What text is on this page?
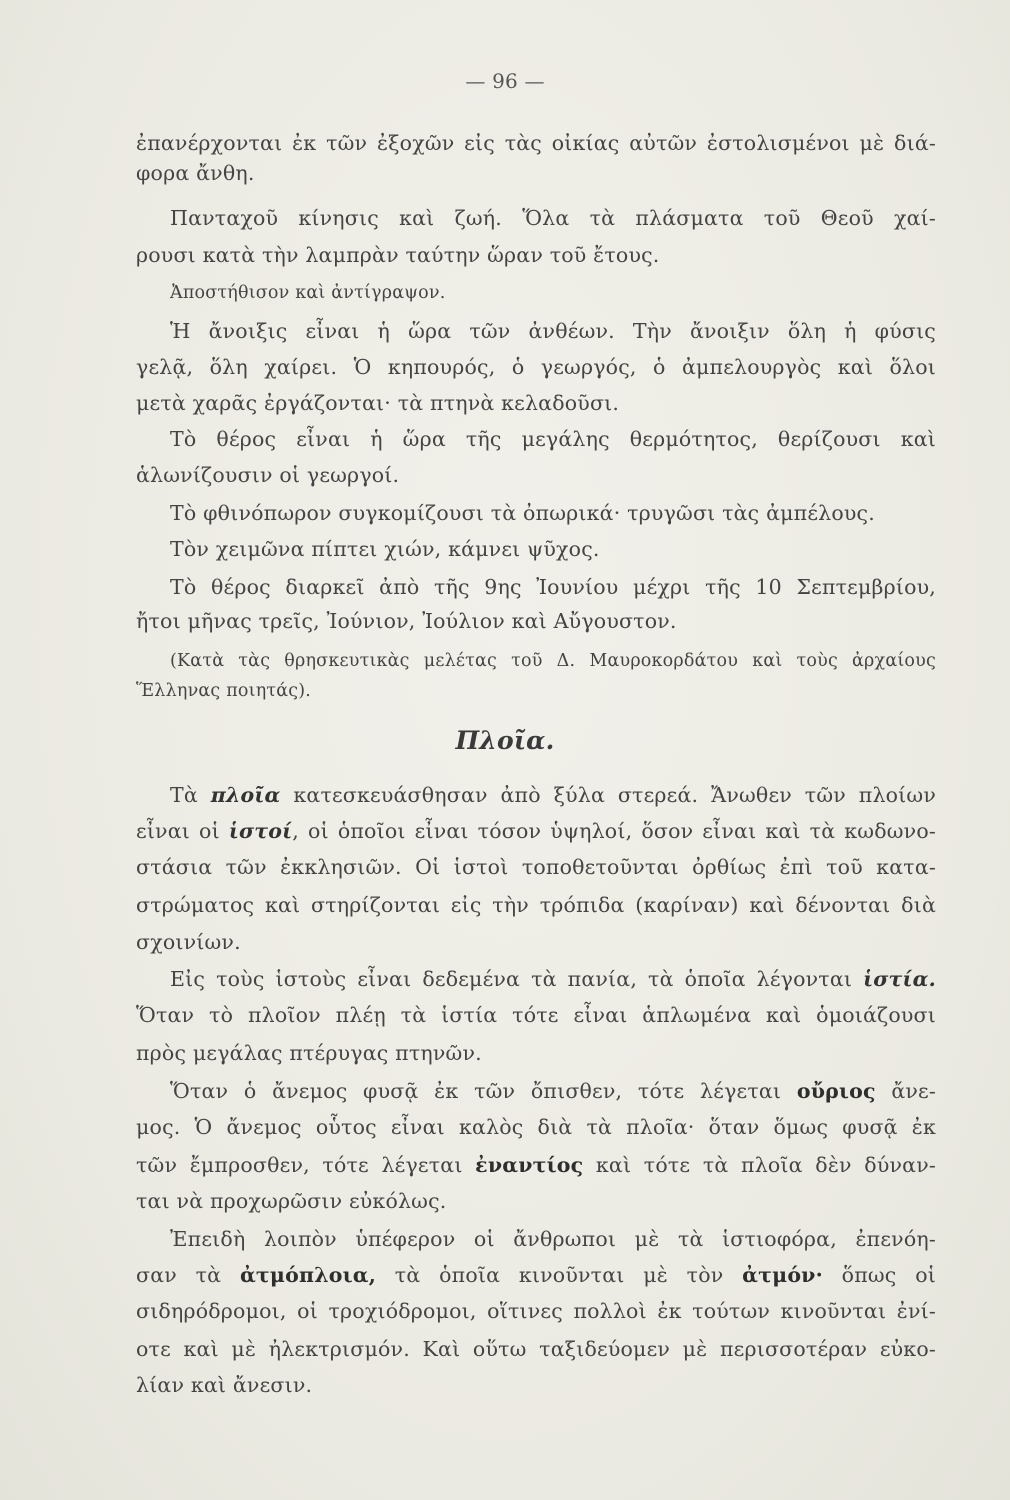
— 96 —
ἐπανέρχονται ἐκ τῶν ἐξοχῶν εἰς τὰς οἰκίας αὐτῶν ἐστολισμένοι μὲ διά-
φορα ἄνθη.
Πανταχοῦ κίνησις καὶ ζωή. Ὅλα τὰ πλάσματα τοῦ Θεοῦ χαί-
ρουσι κατὰ τὴν λαμπρὰν ταύτην ὥραν τοῦ ἔτους.
Ἀποστήθισον καὶ ἀντίγραψον.
Ἡ ἄνοιξις εἶναι ἡ ὥρα τῶν ἀνθέων. Τὴν ἄνοιξιν ὅλη ἡ φύσις
γελᾷ, ὅλη χαίρει. Ὁ κηπουρός, ὁ γεωργός, ὁ ἀμπελουργὸς καὶ ὅλοι
μετὰ χαρᾶς ἐργάζονται· τὰ πτηνὰ κελαδοῦσι.
Τὸ θέρος εἶναι ἡ ὥρα τῆς μεγάλης θερμότητος, θερίζουσι καὶ
ἁλωνίζουσιν οἱ γεωργοί.
Τὸ φθινόπωρον συγκομίζουσι τὰ ὀπωρικά· τρυγῶσι τὰς ἀμπέλους.
Τὸν χειμῶνα πίπτει χιών, κάμνει ψῦχος.
Τὸ θέρος διαρκεῖ ἀπὸ τῆς 9ης Ἰουνίου μέχρι τῆς 10 Σεπτεμβρίου,
ἤτοι μῆνας τρεῖς, Ἰούνιον, Ἰούλιον καὶ Αὔγουστον.
(Κατὰ τὰς θρησκευτικὰς μελέτας τοῦ Δ. Μαυροκορδάτου καὶ τοὺς ἀρχαίους
Ἕλληνας ποιητάς).
Πλοῖα.
Τὰ πλοῖα κατεσκευάσθησαν ἀπὸ ξύλα στερεά. Ἄνωθεν τῶν πλοίων
εἶναι οἱ ἱστοί, οἱ ὁποῖοι εἶναι τόσον ὑψηλοί, ὅσον εἶναι καὶ τὰ κωδωνο-
στάσια τῶν ἐκκλησιῶν. Οἱ ἱστοὶ τοποθετοῦνται ὀρθίως ἐπὶ τοῦ κατα-
στρώματος καὶ στηρίζονται εἰς τὴν τρόπιδα (καρίναν) καὶ δένονται διὰ
σχοινίων.
Εἰς τοὺς ἱστοὺς εἶναι δεδεμένα τὰ πανία, τὰ ὁποῖα λέγονται ἱστία.
Ὅταν τὸ πλοῖον πλέῃ τὰ ἱστία τότε εἶναι ἁπλωμένα καὶ ὁμοιάζουσι
πρὸς μεγάλας πτέρυγας πτηνῶν.
Ὅταν ὁ ἄνεμος φυσᾷ ἐκ τῶν ὄπισθεν, τότε λέγεται οὔριος ἄνε-
μος. Ὁ ἄνεμος οὗτος εἶναι καλὸς διὰ τὰ πλοῖα· ὅταν ὅμως φυσᾷ ἐκ
τῶν ἔμπροσθεν, τότε λέγεται ἐναντίος καὶ τότε τὰ πλοῖα δὲν δύναν-
ται νὰ προχωρῶσιν εὐκόλως.
Ἐπειδὴ λοιπὸν ὑπέφερον οἱ ἄνθρωποι μὲ τὰ ἱστιοφόρα, ἐπενόη-
σαν τὰ ἀτμόπλοια, τὰ ὁποῖα κινοῦνται μὲ τὸν ἀτμόν· ὅπως οἱ
σιδηρόδρομοι, οἱ τροχιόδρομοι, οἵτινες πολλοὶ ἐκ τούτων κινοῦνται ἐνί-
οτε καὶ μὲ ἠλεκτρισμόν. Καὶ οὕτω ταξιδεύομεν μὲ περισσοτέραν εὐκο-
λίαν καὶ ἄνεσιν.
